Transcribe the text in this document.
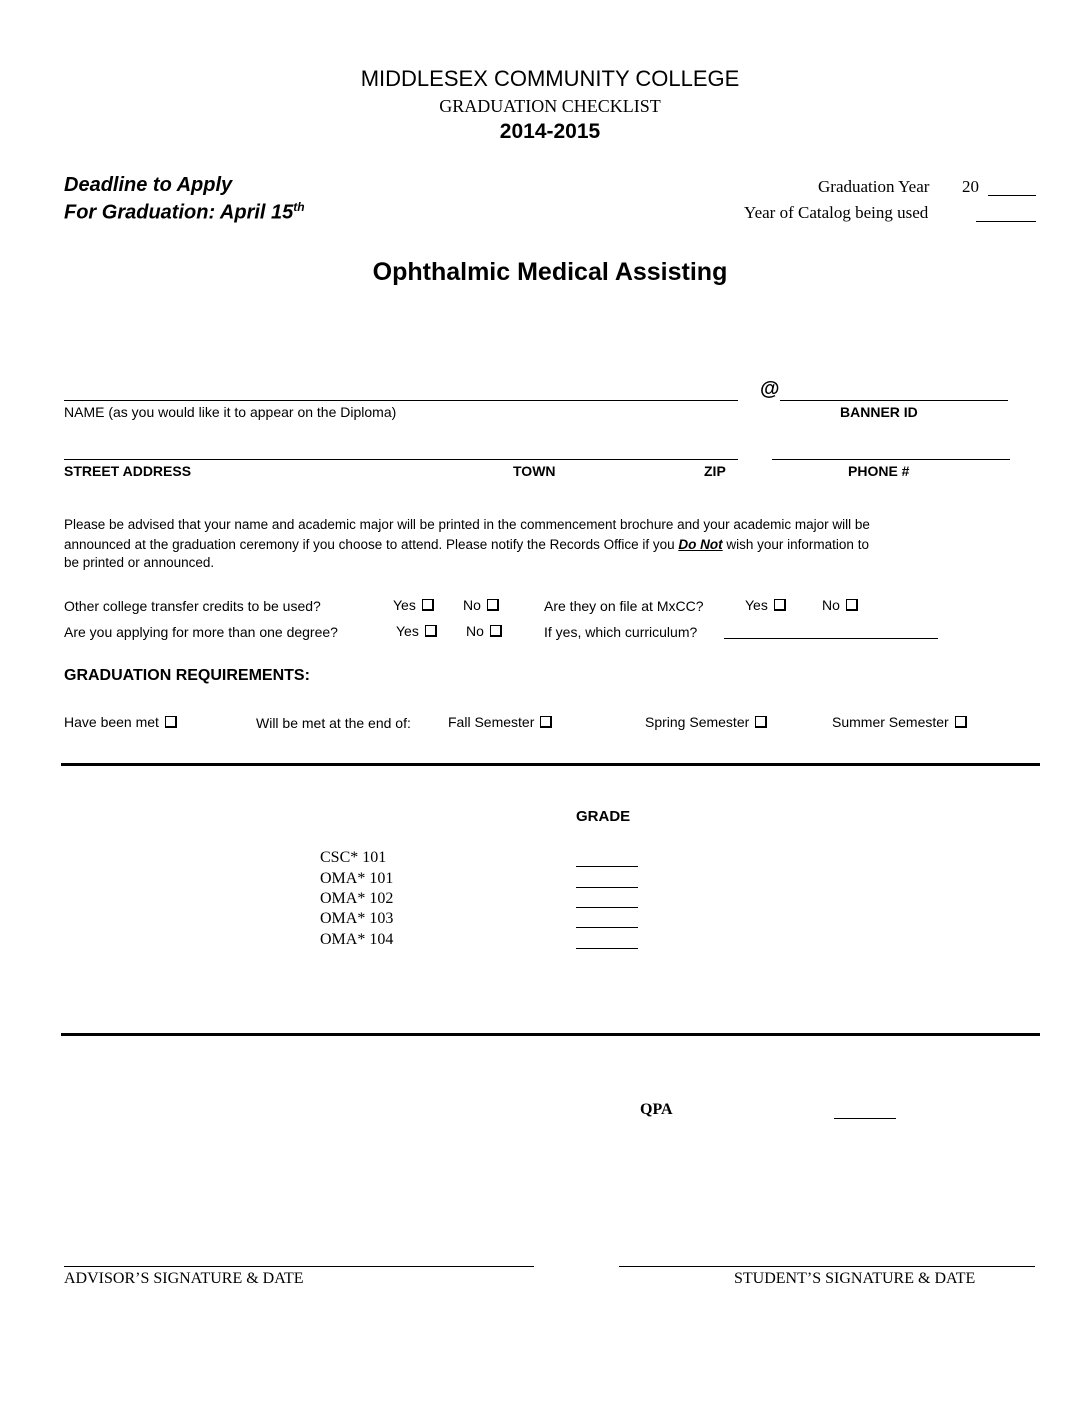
MIDDLESEX COMMUNITY COLLEGE
GRADUATION CHECKLIST
2014-2015
Deadline to Apply
For Graduation: April 15th
Graduation Year 20
Year of Catalog being used
Ophthalmic Medical Assisting
@
NAME (as you would like it to appear on the Diploma)	BANNER ID
STREET ADDRESS	TOWN	ZIP	PHONE #
Please be advised that your name and academic major will be printed in the commencement brochure and your academic major will be
announced at the graduation ceremony if you choose to attend. Please notify the Records Office if you Do Not wish your information to
be printed or announced.
Other college transfer credits to be used?	Yes	No	Are they on file at MxCC?	Yes	No
Are you applying for more than one degree?	Yes	No	If yes, which curriculum?
GRADUATION REQUIREMENTS:
Have been met	Will be met at the end of:	Fall Semester	Spring Semester	Summer Semester
GRADE
CSC* 101
OMA* 101
OMA* 102
OMA* 103
OMA* 104
QPA
ADVISOR’S SIGNATURE & DATE	STUDENT’S SIGNATURE & DATE
